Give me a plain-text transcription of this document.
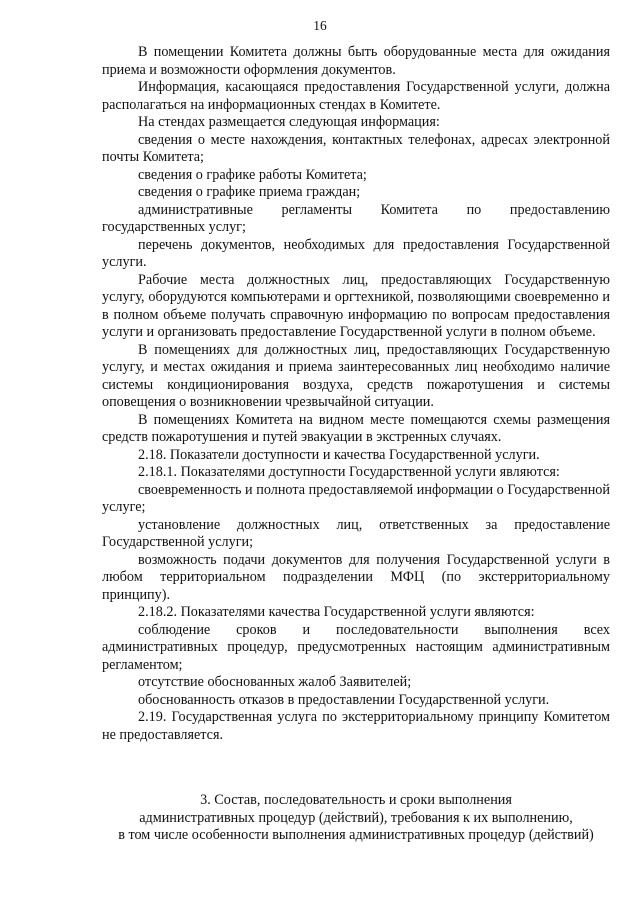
16

В помещении Комитета должны быть оборудованные места для ожидания приема и возможности оформления документов.

Информация, касающаяся предоставления Государственной услуги, должна располагаться на информационных стендах в Комитете.

На стендах размещается следующая информация:

сведения о месте нахождения, контактных телефонах, адресах электронной почты Комитета;

сведения о графике работы Комитета;

сведения о графике приема граждан;

административные регламенты Комитета по предоставлению государственных услуг;

перечень документов, необходимых для предоставления Государственной услуги.

Рабочие места должностных лиц, предоставляющих Государственную услугу, оборудуются компьютерами и оргтехникой, позволяющими своевременно и в полном объеме получать справочную информацию по вопросам предоставления услуги и организовать предоставление Государственной услуги в полном объеме.

В помещениях для должностных лиц, предоставляющих Государственную услугу, и местах ожидания и приема заинтересованных лиц необходимо наличие системы кондиционирования воздуха, средств пожаротушения и системы оповещения о возникновении чрезвычайной ситуации.

В помещениях Комитета на видном месте помещаются схемы размещения средств пожаротушения и путей эвакуации в экстренных случаях.

2.18. Показатели доступности и качества Государственной услуги.

2.18.1. Показателями доступности Государственной услуги являются:

своевременность и полнота предоставляемой информации о Государственной услуге;

установление должностных лиц, ответственных за предоставление Государственной услуги;

возможность подачи документов для получения Государственной услуги в любом территориальном подразделении МФЦ (по экстерриториальному принципу).

2.18.2. Показателями качества Государственной услуги являются:

соблюдение сроков и последовательности выполнения всех административных процедур, предусмотренных настоящим административным регламентом;

отсутствие обоснованных жалоб Заявителей;

обоснованность отказов в предоставлении Государственной услуги.

2.19. Государственная услуга по экстерриториальному принципу Комитетом не предоставляется.

3. Состав, последовательность и сроки выполнения
административных процедур (действий), требования к их выполнению,
в том числе особенности выполнения административных процедур (действий)
